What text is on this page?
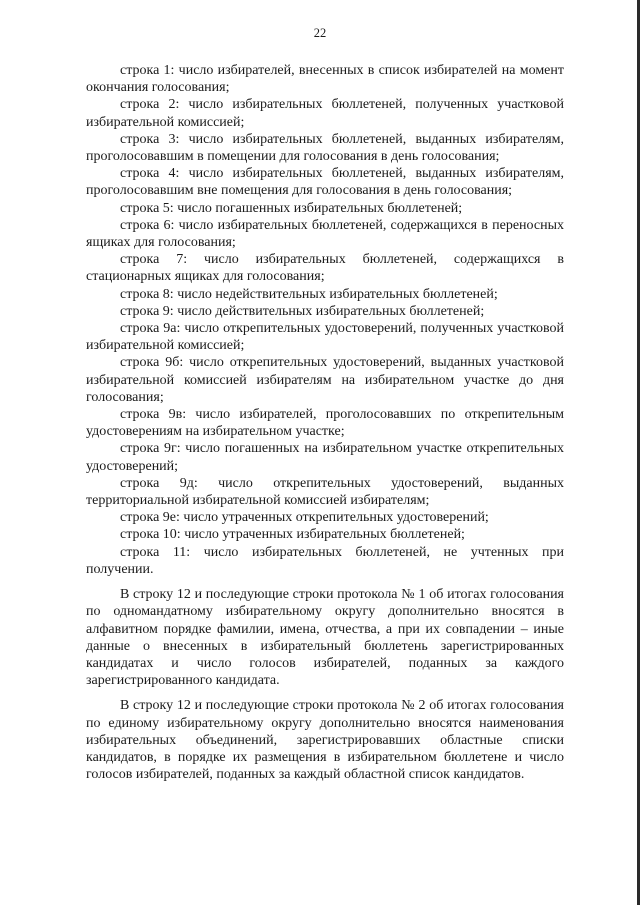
22

строка 1: число избирателей, внесенных в список избирателей на момент окончания голосования;

строка 2: число избирательных бюллетеней, полученных участковой избирательной комиссией;

строка 3: число избирательных бюллетеней, выданных избирателям, проголосовавшим в помещении для голосования в день голосования;

строка 4: число избирательных бюллетеней, выданных избирателям, проголосовавшим вне помещения для голосования в день голосования;

строка 5: число погашенных избирательных бюллетеней;

строка 6: число избирательных бюллетеней, содержащихся в переносных ящиках для голосования;

строка 7: число избирательных бюллетеней, содержащихся в стационарных ящиках для голосования;

строка 8: число недействительных избирательных бюллетеней;

строка 9: число действительных избирательных бюллетеней;

строка 9а: число открепительных удостоверений, полученных участковой избирательной комиссией;

строка 9б: число открепительных удостоверений, выданных участковой избирательной комиссией избирателям на избирательном участке до дня голосования;

строка 9в: число избирателей, проголосовавших по открепительным удостоверениям на избирательном участке;

строка 9г: число погашенных на избирательном участке открепительных удостоверений;

строка 9д: число открепительных удостоверений, выданных территориальной избирательной комиссией избирателям;

строка 9е: число утраченных открепительных удостоверений;

строка 10: число утраченных избирательных бюллетеней;

строка 11: число избирательных бюллетеней, не учтенных при получении.

В строку 12 и последующие строки протокола № 1 об итогах голосования по одномандатному избирательному округу дополнительно вносятся в алфавитном порядке фамилии, имена, отчества, а при их совпадении – иные данные о внесенных в избирательный бюллетень зарегистрированных кандидатах и число голосов избирателей, поданных за каждого зарегистрированного кандидата.

В строку 12 и последующие строки протокола № 2 об итогах голосования по единому избирательному округу дополнительно вносятся наименования избирательных объединений, зарегистрировавших областные списки кандидатов, в порядке их размещения в избирательном бюллетене и число голосов избирателей, поданных за каждый областной список кандидатов.
